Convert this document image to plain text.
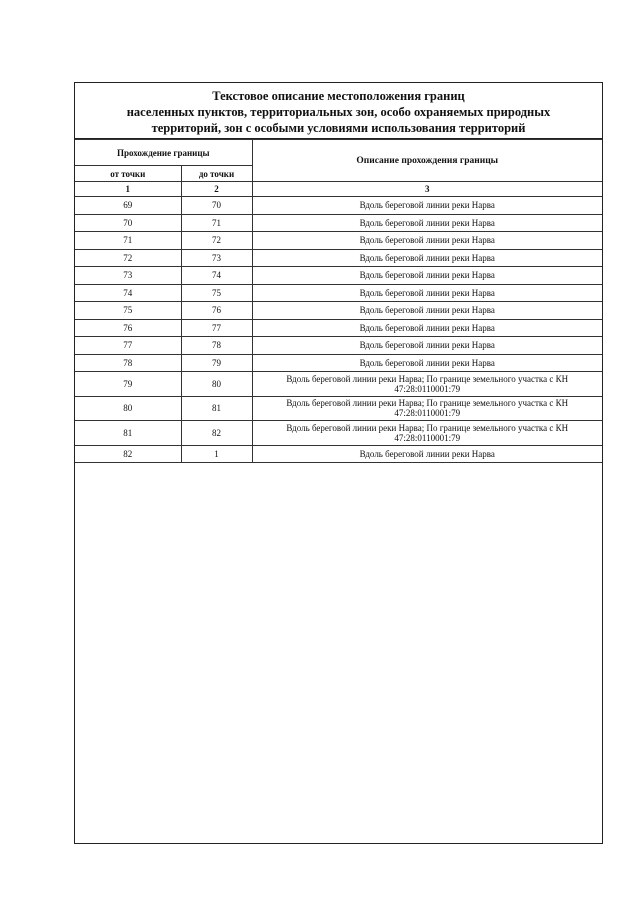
Текстовое описание местоположения границ
населенных пунктов, территориальных зон, особо охраняемых природных
территорий, зон с особыми условиями использования территорий
Прохождение границы		Описание прохождения границы
от точки	до точки	
1	2	3
69	70	Вдоль береговой линии реки Нарва
70	71	Вдоль береговой линии реки Нарва
71	72	Вдоль береговой линии реки Нарва
72	73	Вдоль береговой линии реки Нарва
73	74	Вдоль береговой линии реки Нарва
74	75	Вдоль береговой линии реки Нарва
75	76	Вдоль береговой линии реки Нарва
76	77	Вдоль береговой линии реки Нарва
77	78	Вдоль береговой линии реки Нарва
78	79	Вдоль береговой линии реки Нарва
79	80	Вдоль береговой линии реки Нарва; По границе земельного участка с КН 47:28:0110001:79
80	81	Вдоль береговой линии реки Нарва; По границе земельного участка с КН 47:28:0110001:79
81	82	Вдоль береговой линии реки Нарва; По границе земельного участка с КН 47:28:0110001:79
82	1	Вдоль береговой линии реки Нарва
